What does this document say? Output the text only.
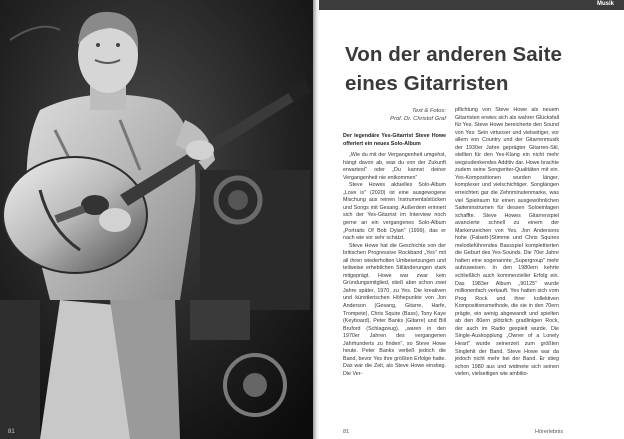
81
Musik
Von der anderen Saite
eines Gitarristen
Text & Fotos:
Prof. Dr. Christof Graf

Der legendäre Yes-Gitarrist Steve Howe offeriert ein neues Solo-Album

„Wie du mit der Vergangenheit umgehst, hängt davon ab, was du von der Zukunft erwartest" oder „Du kannst deiner Vergangenheit nie entkommen"

Steve Howes aktuelles Solo-Album „Love is" (2020) ist eine ausgewogene Mischung aus reinen Instrumentalstücken und Songs mit Gesang. Außerdem erinnert sich der Yes-Gitarrist im Interview noch gerne an ein vergangenes Solo-Album „Portraits Of Bob Dylan" (1999), das er nach wie vor sehr schätzt.

Steve Howe hat die Geschichte von der britischen Progressive Rockband „Yes" mit all ihren wiederholten Umbesetzungen und teilweise erheblichen Stiländerungen stark mitgeprägt. Howe war zwar kein Gründungsmitglied, stieß aber schon zwei Jahre später, 1970, zu Yes. Die kreativen und künstlerischen Höhepunkte von Jon Anderson (Gesang, Gitarre, Harfe, Trompete), Chris Squire (Bass), Tony Kaye (Keyboard), Peter Banks (Gitarre) und Bill Bruford (Schlagzeug), „waren in den 1970er Jahren des vergangenen Jahrhunderts zu finden", so Steve Howe heute. Peter Banks verließ jedoch die Band, bevor Yes ihre größten Erfolge hatte. Das war die Zeit, als Steve Howe einstieg. Die Ver-

pflichtung von Steve Howe als neuem Gitarristen erwies sich als wahrer Glücksfall für Yes. Steve Howe bereicherte den Sound von Yes: Sein virtuoser und vielseitiger, vor allem von Country und der Gitarrenmusik der 1930er Jahre geprägter Gitarren-Stil, stellten für den Yes-Klang ein nicht mehr wegzudenkendes Additiv dar. Howe brachte zudem seine Songwriter-Qualitäten mit ein. Yes-Kompositionen wurden länger, komplexer und vielschichtiger. Songlängen erreichten gar die Zehnminutenmarke, was viel Spielraum für einen ausgewöhnlichen Saiteninstrumen für dessen Soloeinlagen schaffte. Steve Howes Gitarrenspiel avancierte schnell zu einem der Markenzeichen von Yes. Jon Andersons hohe (Falsett-)Stimme und Chris Squires melodieführendes Bassspiel komplettierten die Geburt des Yes-Sounds. Die 70er Jahre hatten eine sogenannte „Supergroup" mehr aufzuweisen. In den 1980ern kehrte schließlich auch kommerzieller Erfolg ein. Das 1983er Album „90125" wurde millionenfach verkauft. Yes hatten sich vom Prog Rock und ihrer kollektiven Kompositionsmethode, die sie in den 70ern prägte, ein wenig abgewandt und spielten ab den 80ern plötzlich gradlinigen Rock, der auch im Radio gespielt wurde. Die Single-Auskopplung „Owner of a Lonely Heart" wurde seinerzeit zum größten Singlehit der Band. Steve Howe war da jedoch nicht mehr bei der Band. Er stieg schon 1980 aus und widmete sich seinen vielen, vielseitigen wie ambitio-

81	Hörerlebnis
